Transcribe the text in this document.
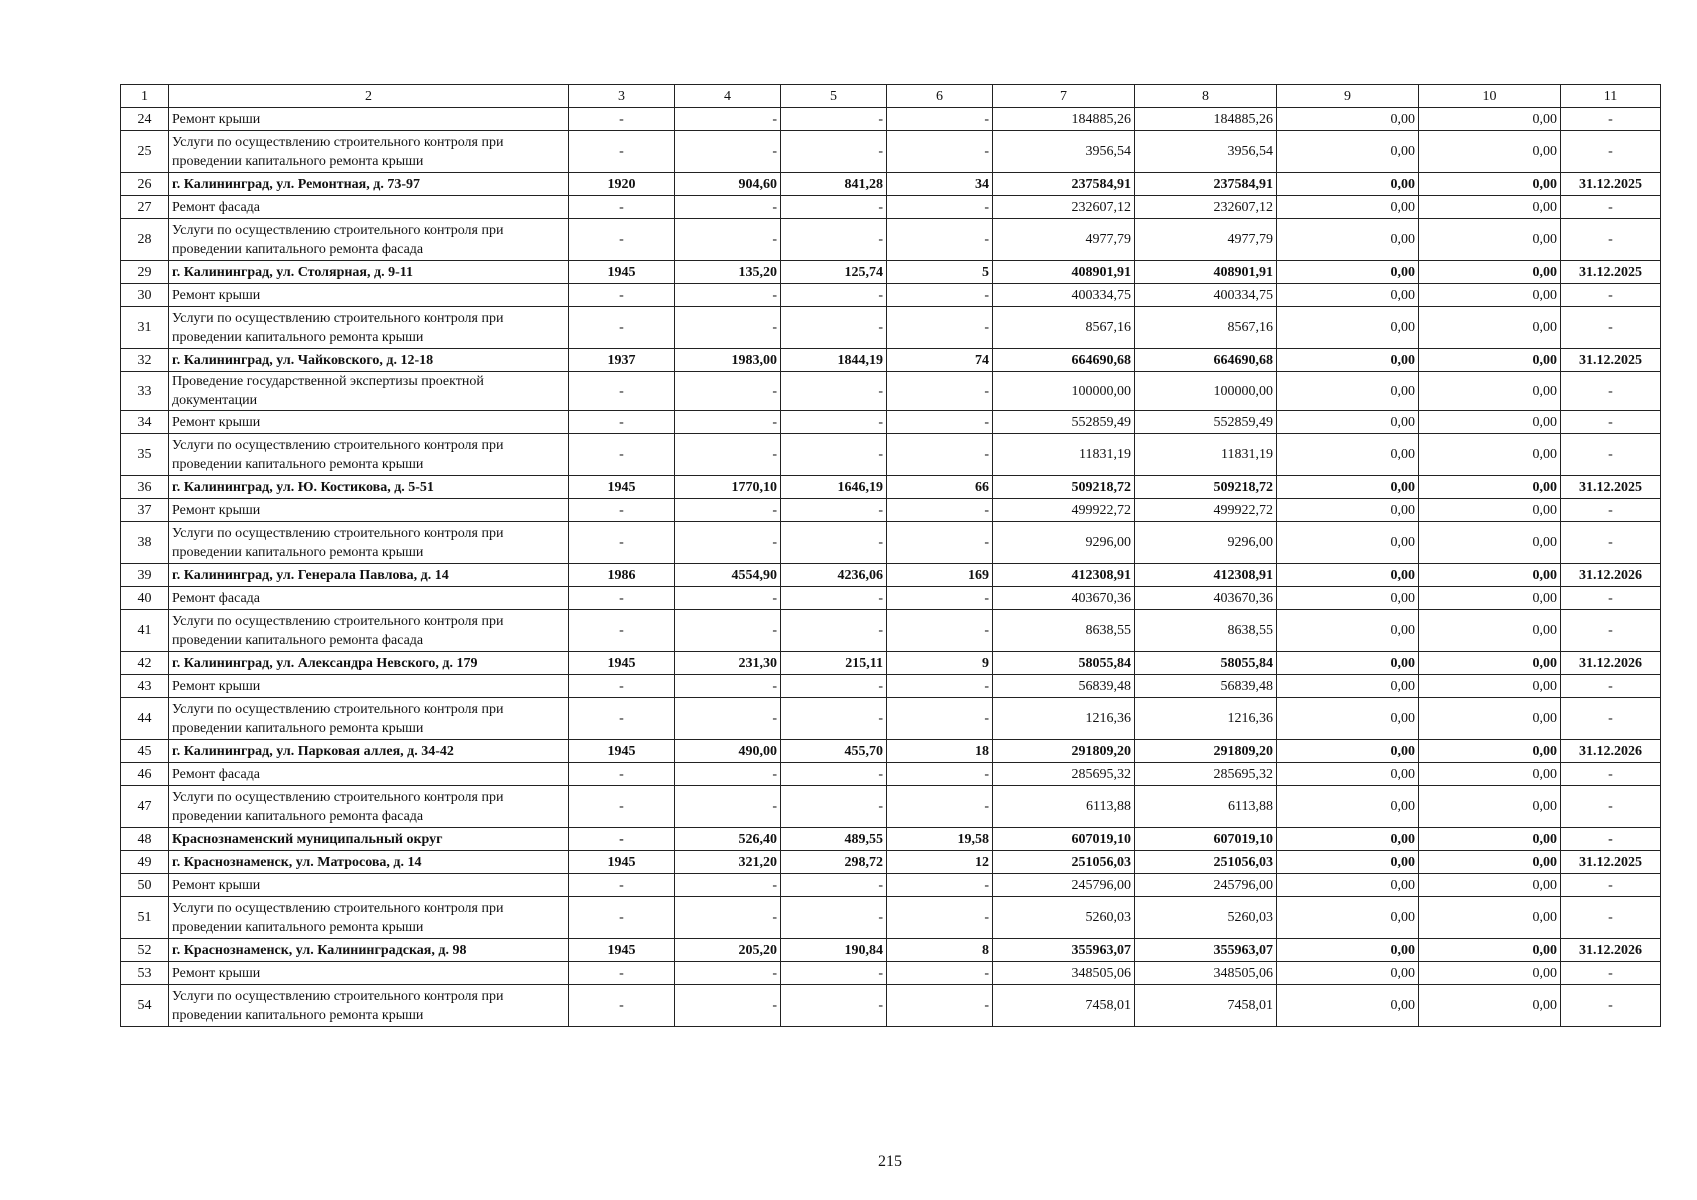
1	2	3	4	5	6	7	8	9	10	11
24	Ремонт крыши	-	-	-	-	184885,26	184885,26	0,00	0,00	-
25	Услуги по осуществлению строительного контроля при проведении капитального ремонта крыши	-	-	-	-	3956,54	3956,54	0,00	0,00	-
26	г. Калининград, ул. Ремонтная, д. 73-97	1920	904,60	841,28	34	237584,91	237584,91	0,00	0,00	31.12.2025
27	Ремонт фасада	-	-	-	-	232607,12	232607,12	0,00	0,00	-
28	Услуги по осуществлению строительного контроля при проведении капитального ремонта фасада	-	-	-	-	4977,79	4977,79	0,00	0,00	-
29	г. Калининград, ул. Столярная, д. 9-11	1945	135,20	125,74	5	408901,91	408901,91	0,00	0,00	31.12.2025
30	Ремонт крыши	-	-	-	-	400334,75	400334,75	0,00	0,00	-
31	Услуги по осуществлению строительного контроля при проведении капитального ремонта крыши	-	-	-	-	8567,16	8567,16	0,00	0,00	-
32	г. Калининград, ул. Чайковского, д. 12-18	1937	1983,00	1844,19	74	664690,68	664690,68	0,00	0,00	31.12.2025
33	Проведение государственной экспертизы проектной документации	-	-	-	-	100000,00	100000,00	0,00	0,00	-
34	Ремонт крыши	-	-	-	-	552859,49	552859,49	0,00	0,00	-
35	Услуги по осуществлению строительного контроля при проведении капитального ремонта крыши	-	-	-	-	11831,19	11831,19	0,00	0,00	-
36	г. Калининград, ул. Ю. Костикова, д. 5-51	1945	1770,10	1646,19	66	509218,72	509218,72	0,00	0,00	31.12.2025
37	Ремонт крыши	-	-	-	-	499922,72	499922,72	0,00	0,00	-
38	Услуги по осуществлению строительного контроля при проведении капитального ремонта крыши	-	-	-	-	9296,00	9296,00	0,00	0,00	-
39	г. Калининград, ул. Генерала Павлова, д. 14	1986	4554,90	4236,06	169	412308,91	412308,91	0,00	0,00	31.12.2026
40	Ремонт фасада	-	-	-	-	403670,36	403670,36	0,00	0,00	-
41	Услуги по осуществлению строительного контроля при проведении капитального ремонта фасада	-	-	-	-	8638,55	8638,55	0,00	0,00	-
42	г. Калининград, ул. Александра Невского, д. 179	1945	231,30	215,11	9	58055,84	58055,84	0,00	0,00	31.12.2026
43	Ремонт крыши	-	-	-	-	56839,48	56839,48	0,00	0,00	-
44	Услуги по осуществлению строительного контроля при проведении капитального ремонта крыши	-	-	-	-	1216,36	1216,36	0,00	0,00	-
45	г. Калининград, ул. Парковая аллея, д. 34-42	1945	490,00	455,70	18	291809,20	291809,20	0,00	0,00	31.12.2026
46	Ремонт фасада	-	-	-	-	285695,32	285695,32	0,00	0,00	-
47	Услуги по осуществлению строительного контроля при проведении капитального ремонта фасада	-	-	-	-	6113,88	6113,88	0,00	0,00	-
48	Краснознаменский муниципальный округ	-	526,40	489,55	19,58	607019,10	607019,10	0,00	0,00	-
49	г. Краснознаменск, ул. Матросова, д. 14	1945	321,20	298,72	12	251056,03	251056,03	0,00	0,00	31.12.2025
50	Ремонт крыши	-	-	-	-	245796,00	245796,00	0,00	0,00	-
51	Услуги по осуществлению строительного контроля при проведении капитального ремонта крыши	-	-	-	-	5260,03	5260,03	0,00	0,00	-
52	г. Краснознаменск, ул. Калининградская, д. 98	1945	205,20	190,84	8	355963,07	355963,07	0,00	0,00	31.12.2026
53	Ремонт крыши	-	-	-	-	348505,06	348505,06	0,00	0,00	-
54	Услуги по осуществлению строительного контроля при проведении капитального ремонта крыши	-	-	-	-	7458,01	7458,01	0,00	0,00	-
215
